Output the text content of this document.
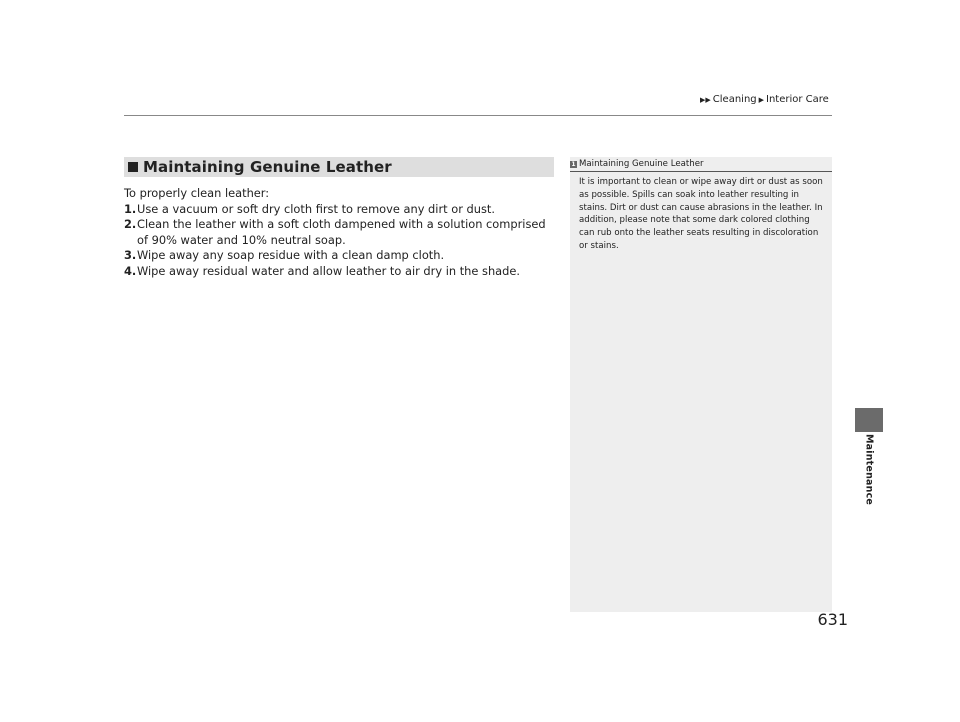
▶▶ Cleaning ▶ Interior Care
Maintaining Genuine Leather

To properly clean leather:

1. Use a vacuum or soft dry cloth first to remove any dirt or dust.
2. Clean the leather with a soft cloth dampened with a solution comprised of 90% water and 10% neutral soap.
3. Wipe away any soap residue with a clean damp cloth.
4. Wipe away residual water and allow leather to air dry in the shade.
1 Maintaining Genuine Leather
It is important to clean or wipe away dirt or dust as soon as possible. Spills can soak into leather resulting in stains. Dirt or dust can cause abrasions in the leather. In addition, please note that some dark colored clothing can rub onto the leather seats resulting in discoloration or stains.
Maintenance
631
